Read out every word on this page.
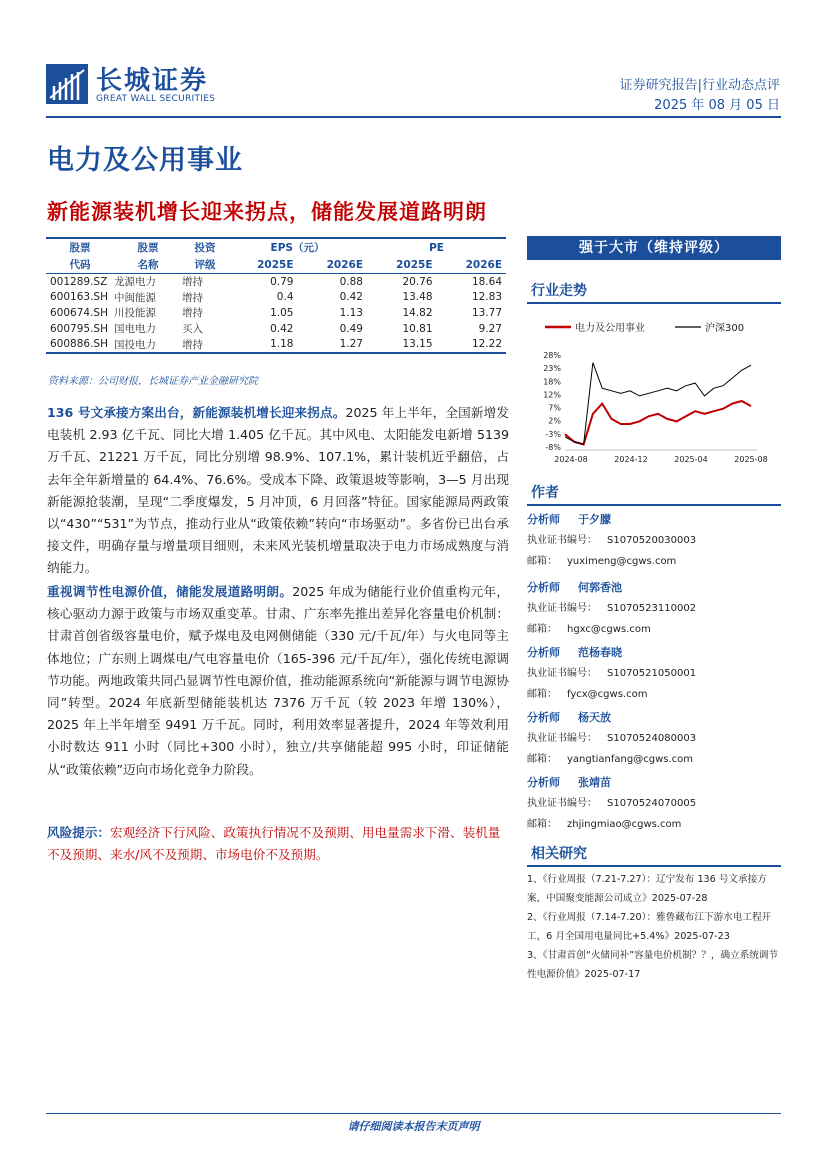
长城证券
GREAT WALL SECURITIES
证券研究报告|行业动态点评
2025 年 08 月 05 日
电力及公用事业
新能源装机增长迎来拐点，储能发展道路明朗
股票	股票	投资	EPS（元）		PE	
代码	名称	评级	2025E	2026E	2025E	2026E
001289.SZ	龙源电力	增持	0.79	0.88	20.76	18.64
600163.SH	中闽能源	增持	0.4	0.42	13.48	12.83
600674.SH	川投能源	增持	1.05	1.13	14.82	13.77
600795.SH	国电电力	买入	0.42	0.49	10.81	9.27
600886.SH	国投电力	增持	1.18	1.27	13.15	12.22
资料来源：公司财报，长城证券产业金融研究院
136 号文承接方案出台，新能源装机增长迎来拐点。2025 年上半年，全国新增发电装机 2.93 亿千瓦、同比大增 1.405 亿千瓦。其中风电、太阳能发电新增 5139 万千瓦、21221 万千瓦，同比分别增 98.9%、107.1%，累计装机近乎翻倍，占去年全年新增量的 64.4%、76.6%。受成本下降、政策退坡等影响，3—5 月出现新能源抢装潮，呈现“二季度爆发，5 月冲顶，6 月回落”特征。国家能源局两政策以“430”“531”为节点，推动行业从“政策依赖”转向“市场驱动”。多省份已出台承接文件，明确存量与增量项目细则，未来风光装机增量取决于电力市场成熟度与消纳能力。
重视调节性电源价值，储能发展道路明朗。2025 年成为储能行业价值重构元年，核心驱动力源于政策与市场双重变革。甘肃、广东率先推出差异化容量电价机制：甘肃首创省级容量电价，赋予煤电及电网侧储能（330 元/千瓦/年）与火电同等主体地位；广东则上调煤电/气电容量电价（165-396 元/千瓦/年），强化传统电源调节功能。两地政策共同凸显调节性电源价值，推动能源系统向“新能源与调节电源协同”转型。2024 年底新型储能装机达 7376 万千瓦（较 2023 年增 130%），2025 年上半年增至 9491 万千瓦。同时，利用效率显著提升，2024 年等效利用小时数达 911 小时（同比+300 小时），独立/共享储能超 995 小时，印证储能从“政策依赖”迈向市场化竞争力阶段。
风险提示：宏观经济下行风险、政策执行情况不及预期、用电量需求下滑、装机量不及预期、来水/风不及预期、市场电价不及预期。
强于大市（维持评级）
行业走势
28%
23%
18%
12%
7%
2%
-3%
-8%
2024-08	2024-12	2025-04	2025-08
电力及公用事业	沪深300
作者
分析师 于夕朦
执业证书编号： S1070520030003
邮箱： yuximeng@cgws.com
分析师 何郭香池
执业证书编号： S1070523110002
邮箱： hgxc@cgws.com
分析师 范杨春晓
执业证书编号： S1070521050001
邮箱： fycx@cgws.com
分析师 杨天放
执业证书编号： S1070524080003
邮箱： yangtianfang@cgws.com
分析师 张靖苗
执业证书编号： S1070524070005
邮箱： zhjingmiao@cgws.com
相关研究
1、《行业周报（7.21-7.27）：辽宁发布 136 号文承接方案，中国聚变能源公司成立》2025-07-28
2、《行业周报（7.14-7.20）：雅鲁藏布江下游水电工程开工，6 月全国用电量同比+5.4%》2025-07-23
3、《甘肃首创“火储同补”容量电价机制？？，确立系统调节性电源价值》2025-07-17
请仔细阅读本报告末页声明
